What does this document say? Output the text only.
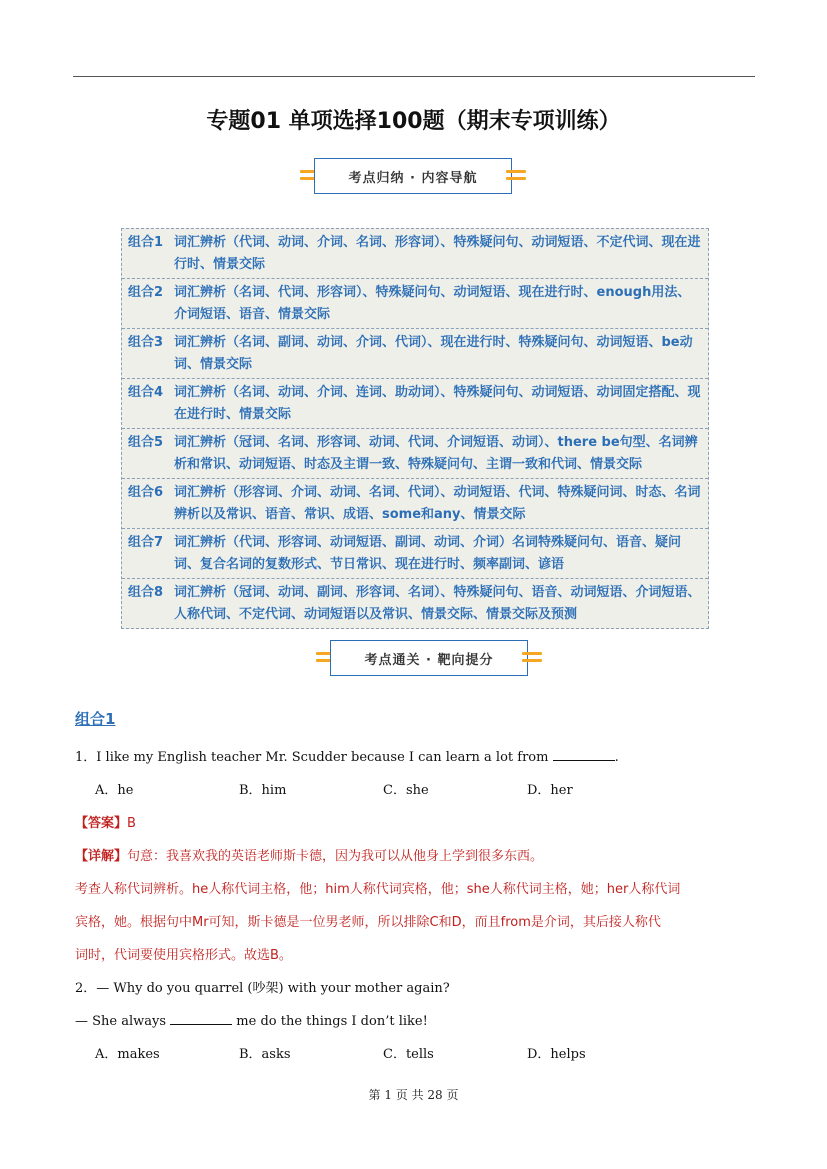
专题01 单项选择100题（期末专项训练）
考点归纳 · 内容导航
组合1 词汇辨析（代词、动词、介词、名词、形容词）、特殊疑问句、动词短语、不定代词、现在进行时、情景交际
组合2 词汇辨析（名词、代词、形容词）、特殊疑问句、动词短语、现在进行时、enough用法、介词短语、语音、情景交际
组合3 词汇辨析（名词、副词、动词、介词、代词）、现在进行时、特殊疑问句、动词短语、be动词、情景交际
组合4 词汇辨析（名词、动词、介词、连词、助动词）、特殊疑问句、动词短语、动词固定搭配、现在进行时、情景交际
组合5 词汇辨析（冠词、名词、形容词、动词、代词、介词短语、动词）、there be句型、名词辨析和常识、动词短语、时态及主谓一致、特殊疑问句、主谓一致和代词、情景交际
组合6 词汇辨析（形容词、介词、动词、名词、代词）、动词短语、代词、特殊疑问词、时态、名词辨析以及常识、语音、常识、成语、some和any、情景交际
组合7 词汇辨析（代词、形容词、动词短语、副词、动词、介词）名词特殊疑问句、语音、疑问词、复合名词的复数形式、节日常识、现在进行时、频率副词、谚语
组合8 词汇辨析（冠词、动词、副词、形容词、名词）、特殊疑问句、语音、动词短语、介词短语、人称代词、不定代词、动词短语以及常识、情景交际、情景交际及预测
考点通关 · 靶向提分
组合1
1．I like my English teacher Mr. Scudder because I can learn a lot from	.
A．he	B．him	C．she	D．her
【答案】B
【详解】句意：我喜欢我的英语老师斯卡德，因为我可以从他身上学到很多东西。
考查人称代词辨析。he人称代词主格，他；him人称代词宾格，他；she人称代词主格，她；her人称代词
宾格，她。根据句中Mr可知，斯卡德是一位男老师，所以排除C和D，而且from是介词，其后接人称代
词时，代词要使用宾格形式。故选B。
2．— Why do you quarrel (吵架) with your mother again?
— She always	me do the things I don’t like!
A．makes	B．asks	C．tells	D．helps
第 1 页 共 28 页
